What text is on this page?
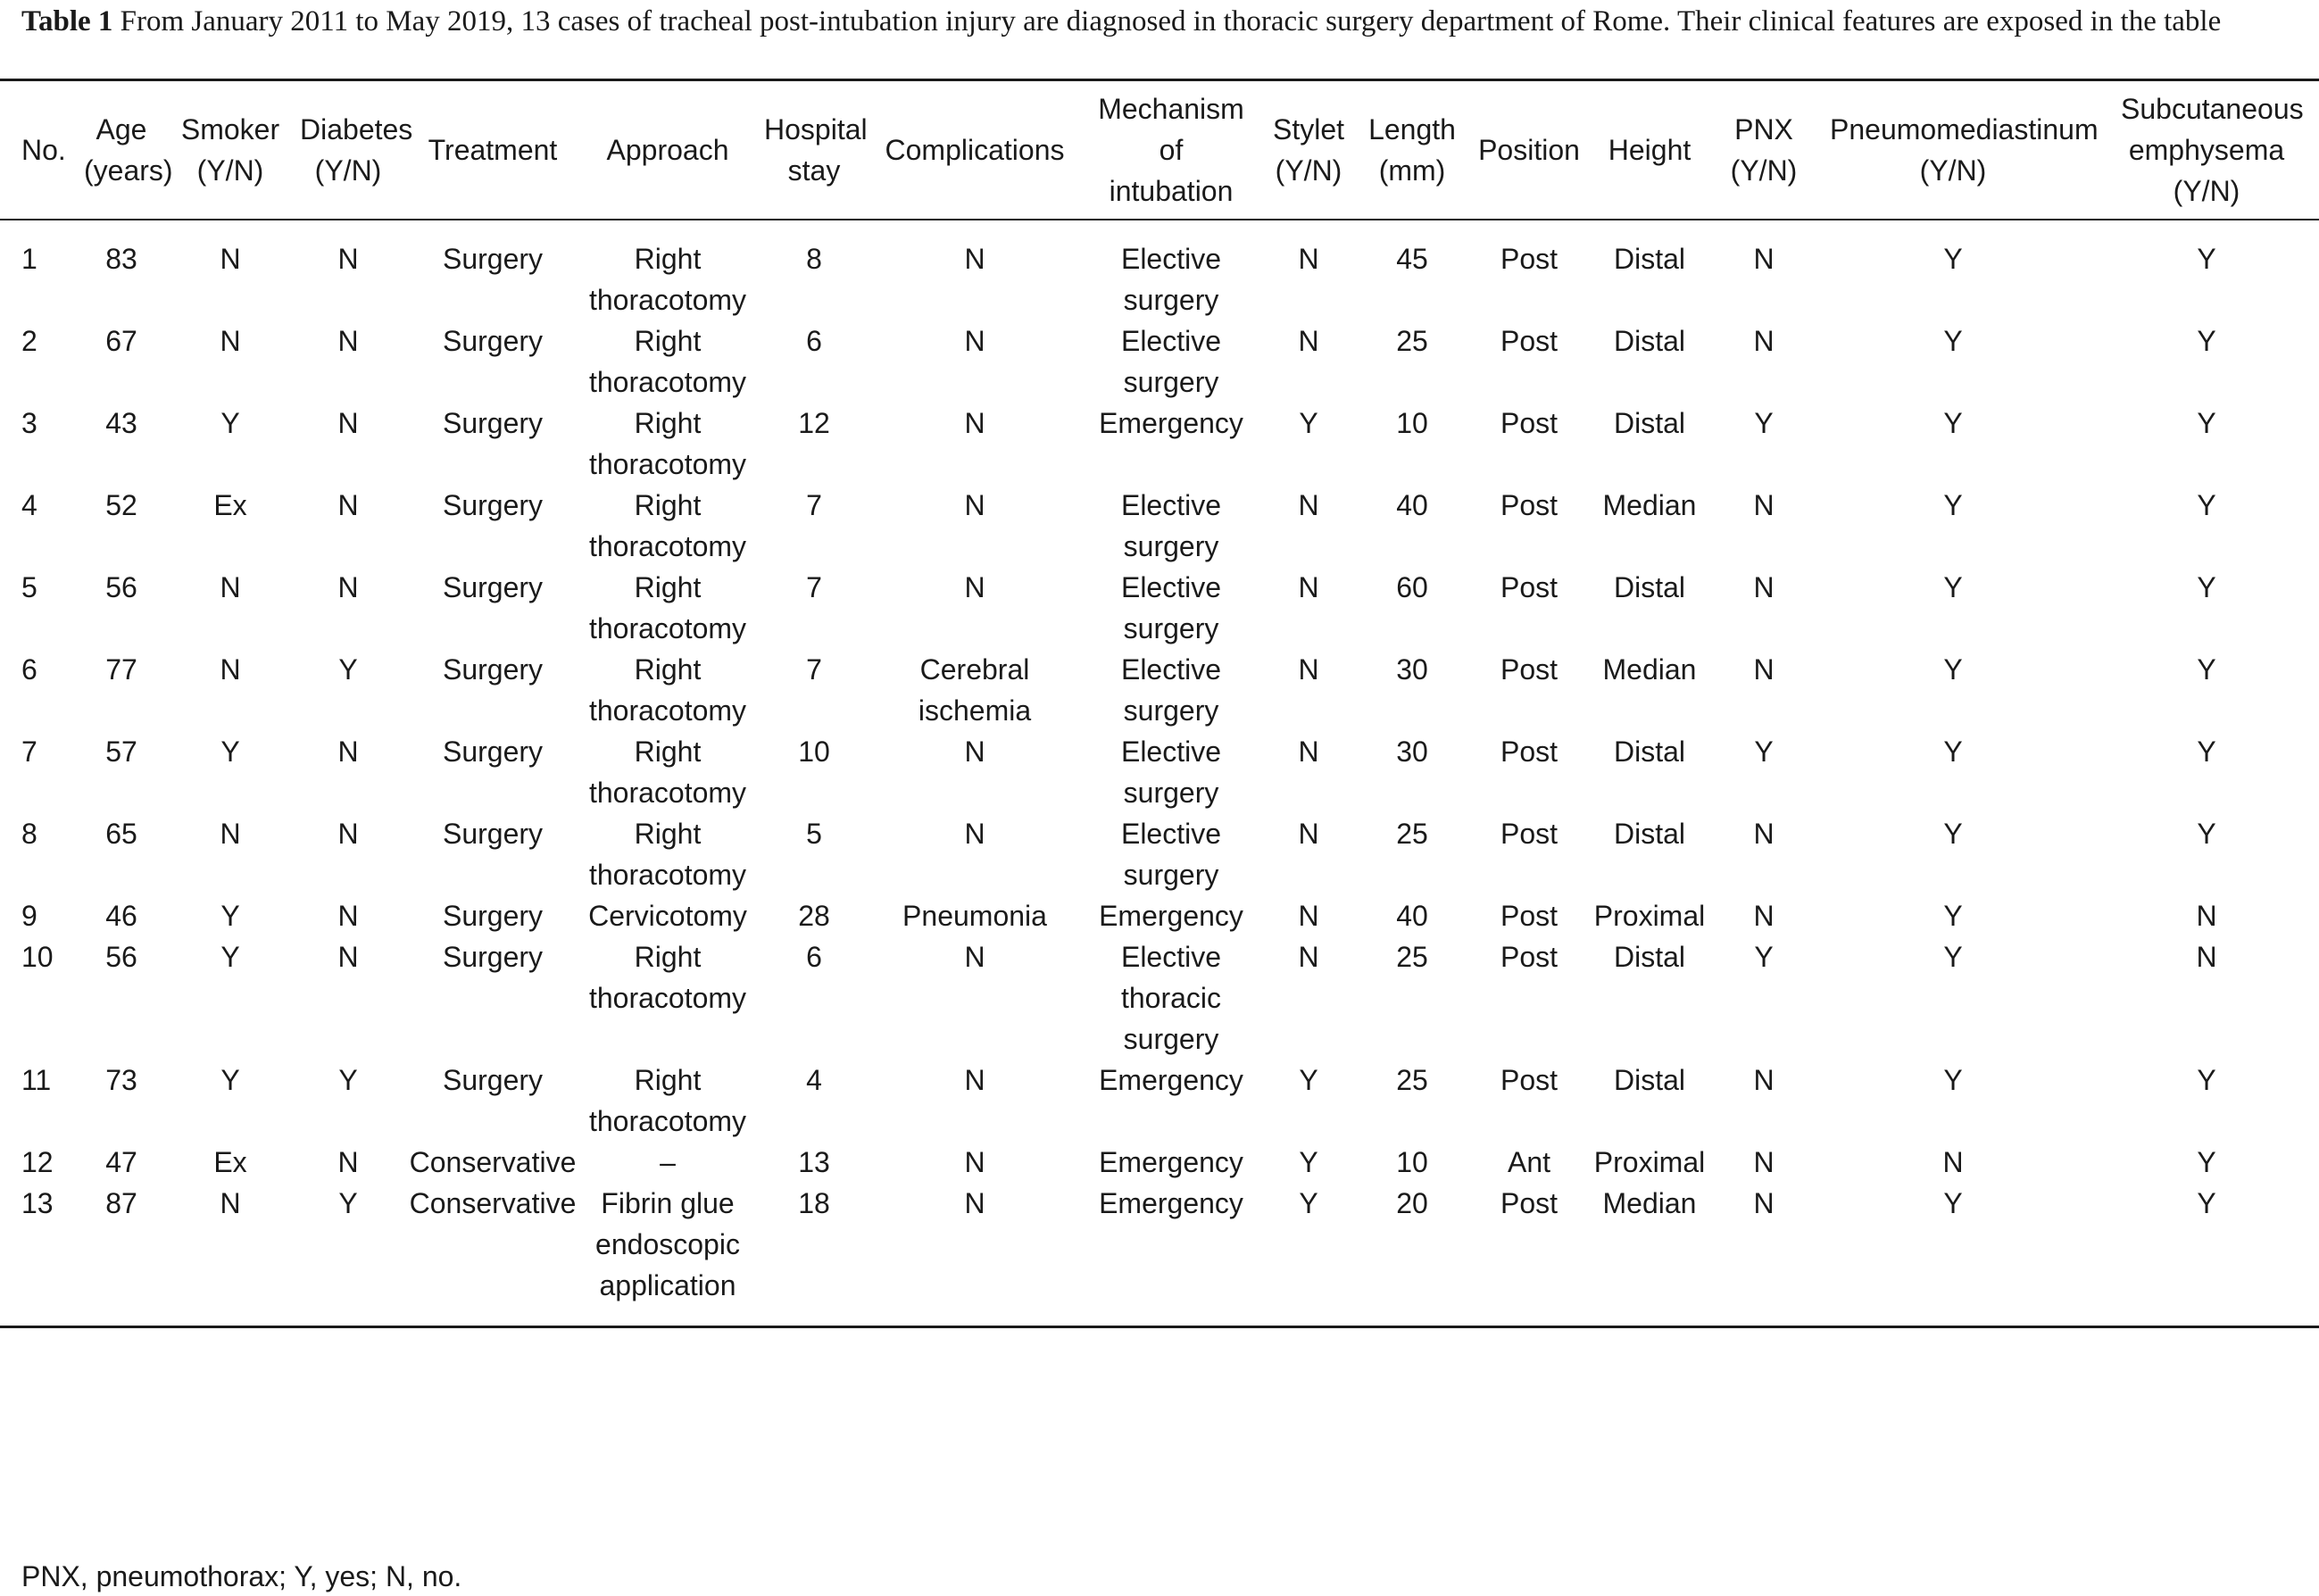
Table 1 From January 2011 to May 2019, 13 cases of tracheal post-intubation injury are diagnosed in thoracic surgery department of Rome. Their clinical features are exposed in the table
No.	Age (years)	Smoker (Y/N)	Diabetes (Y/N)	Treatment	Approach	Hospital stay	Complications	Mechanism of intubation	Stylet (Y/N)	Length (mm)	Position	Height	PNX (Y/N)	Pneumomediastinum (Y/N)	Subcutaneous emphysema (Y/N)
1	83	N	N	Surgery	Right thoracotomy	8	N	Elective surgery	N	45	Post	Distal	N	Y	Y
2	67	N	N	Surgery	Right thoracotomy	6	N	Elective surgery	N	25	Post	Distal	N	Y	Y
3	43	Y	N	Surgery	Right thoracotomy	12	N	Emergency	Y	10	Post	Distal	Y	Y	Y
4	52	Ex	N	Surgery	Right thoracotomy	7	N	Elective surgery	N	40	Post	Median	N	Y	Y
5	56	N	N	Surgery	Right thoracotomy	7	N	Elective surgery	N	60	Post	Distal	N	Y	Y
6	77	N	Y	Surgery	Right thoracotomy	7	Cerebral ischemia	Elective surgery	N	30	Post	Median	N	Y	Y
7	57	Y	N	Surgery	Right thoracotomy	10	N	Elective surgery	N	30	Post	Distal	Y	Y	Y
8	65	N	N	Surgery	Right thoracotomy	5	N	Elective surgery	N	25	Post	Distal	N	Y	Y
9	46	Y	N	Surgery	Cervicotomy	28	Pneumonia	Emergency	N	40	Post	Proximal	N	Y	N
10	56	Y	N	Surgery	Right thoracotomy	6	N	Elective thoracic surgery	N	25	Post	Distal	Y	Y	N
11	73	Y	Y	Surgery	Right thoracotomy	4	N	Emergency	Y	25	Post	Distal	N	Y	Y
12	47	Ex	N	Conservative	–	13	N	Emergency	Y	10	Ant	Proximal	N	N	Y
13	87	N	Y	Conservative	Fibrin glue endoscopic application	18	N	Emergency	Y	20	Post	Median	N	Y	Y
PNX, pneumothorax; Y, yes; N, no.
